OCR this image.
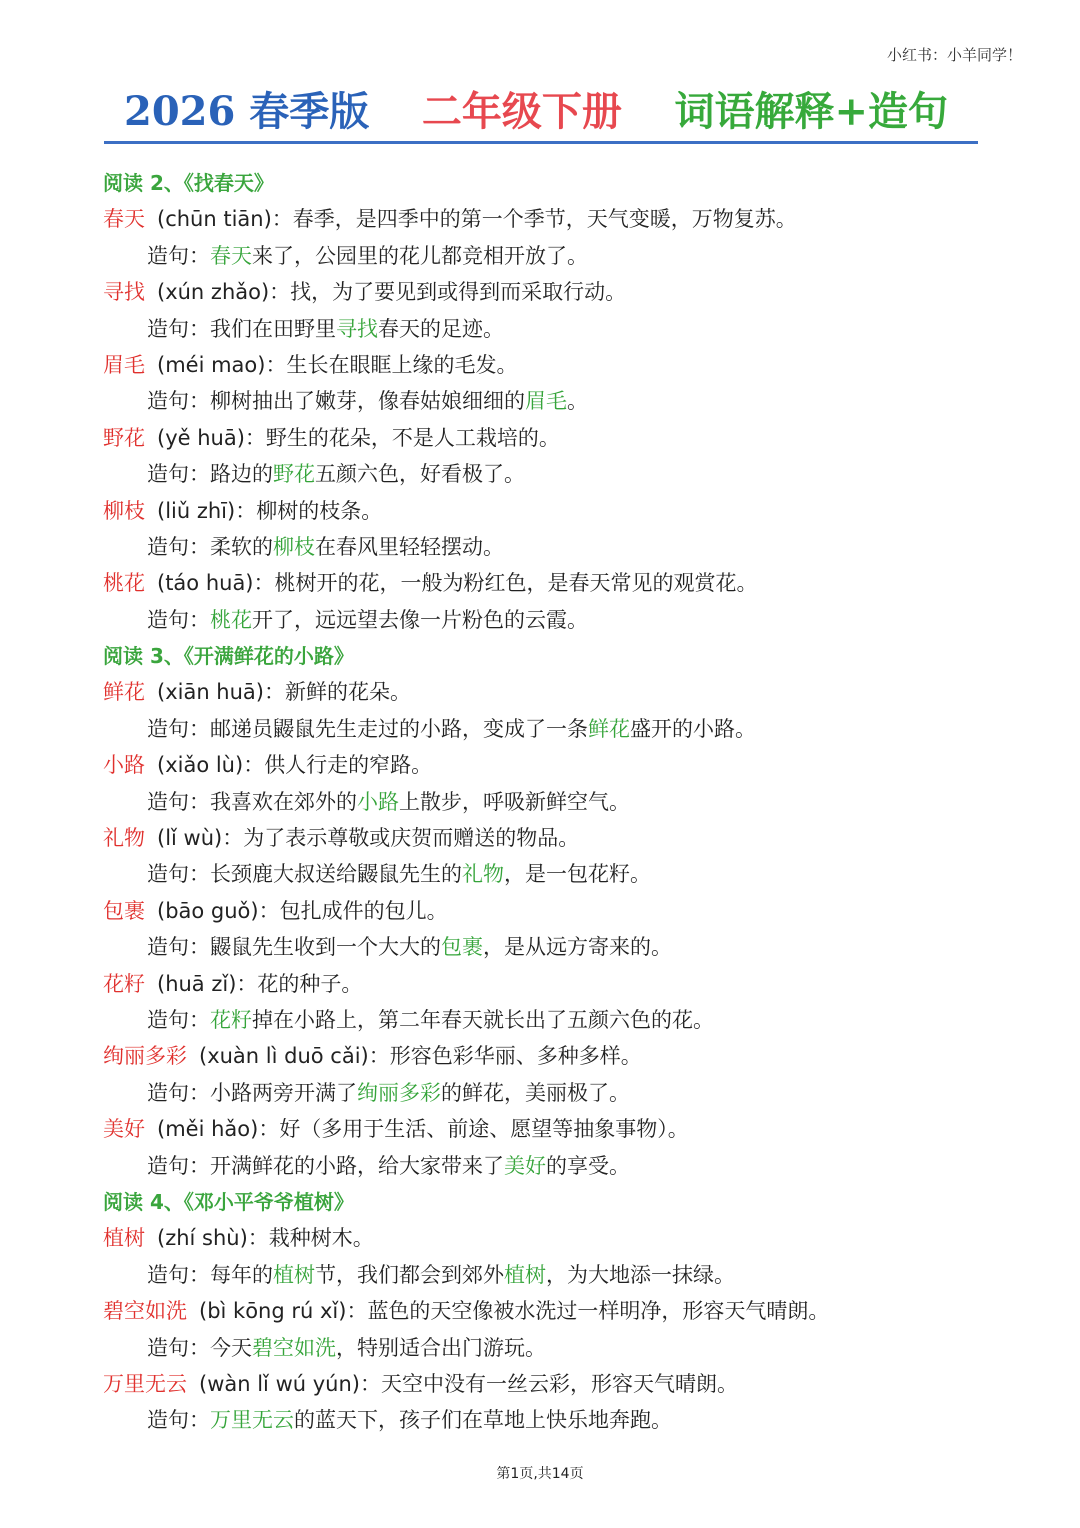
小红书：小羊同学！
2026 春季版 二年级下册 词语解释+造句
阅读 2、《找春天》
春天 (chūn tiān)：春季，是四季中的第一个季节，天气变暖，万物复苏。
造句：春天来了，公园里的花儿都竞相开放了。
寻找 (xún zhǎo)：找，为了要见到或得到而采取行动。
造句：我们在田野里寻找春天的足迹。
眉毛 (méi mao)：生长在眼眶上缘的毛发。
造句：柳树抽出了嫩芽，像春姑娘细细的眉毛。
野花 (yě huā)：野生的花朵，不是人工栽培的。
造句：路边的野花五颜六色，好看极了。
柳枝 (liǔ zhī)：柳树的枝条。
造句：柔软的柳枝在春风里轻轻摆动。
桃花 (táo huā)：桃树开的花，一般为粉红色，是春天常见的观赏花。
造句：桃花开了，远远望去像一片粉色的云霞。
阅读 3、《开满鲜花的小路》
鲜花 (xiān huā)：新鲜的花朵。
造句：邮递员鼹鼠先生走过的小路，变成了一条鲜花盛开的小路。
小路 (xiǎo lù)：供人行走的窄路。
造句：我喜欢在郊外的小路上散步，呼吸新鲜空气。
礼物 (lǐ wù)：为了表示尊敬或庆贺而赠送的物品。
造句：长颈鹿大叔送给鼹鼠先生的礼物，是一包花籽。
包裹 (bāo guǒ)：包扎成件的包儿。
造句：鼹鼠先生收到一个大大的包裹，是从远方寄来的。
花籽 (huā zǐ)：花的种子。
造句：花籽掉在小路上，第二年春天就长出了五颜六色的花。
绚丽多彩 (xuàn lì duō cǎi)：形容色彩华丽、多种多样。
造句：小路两旁开满了绚丽多彩的鲜花，美丽极了。
美好 (měi hǎo)：好（多用于生活、前途、愿望等抽象事物）。
造句：开满鲜花的小路，给大家带来了美好的享受。
阅读 4、《邓小平爷爷植树》
植树 (zhí shù)：栽种树木。
造句：每年的植树节，我们都会到郊外植树，为大地添一抹绿。
碧空如洗 (bì kōng rú xǐ)：蓝色的天空像被水洗过一样明净，形容天气晴朗。
造句：今天碧空如洗，特别适合出门游玩。
万里无云 (wàn lǐ wú yún)：天空中没有一丝云彩，形容天气晴朗。
造句：万里无云的蓝天下，孩子们在草地上快乐地奔跑。
第1页,共14页
